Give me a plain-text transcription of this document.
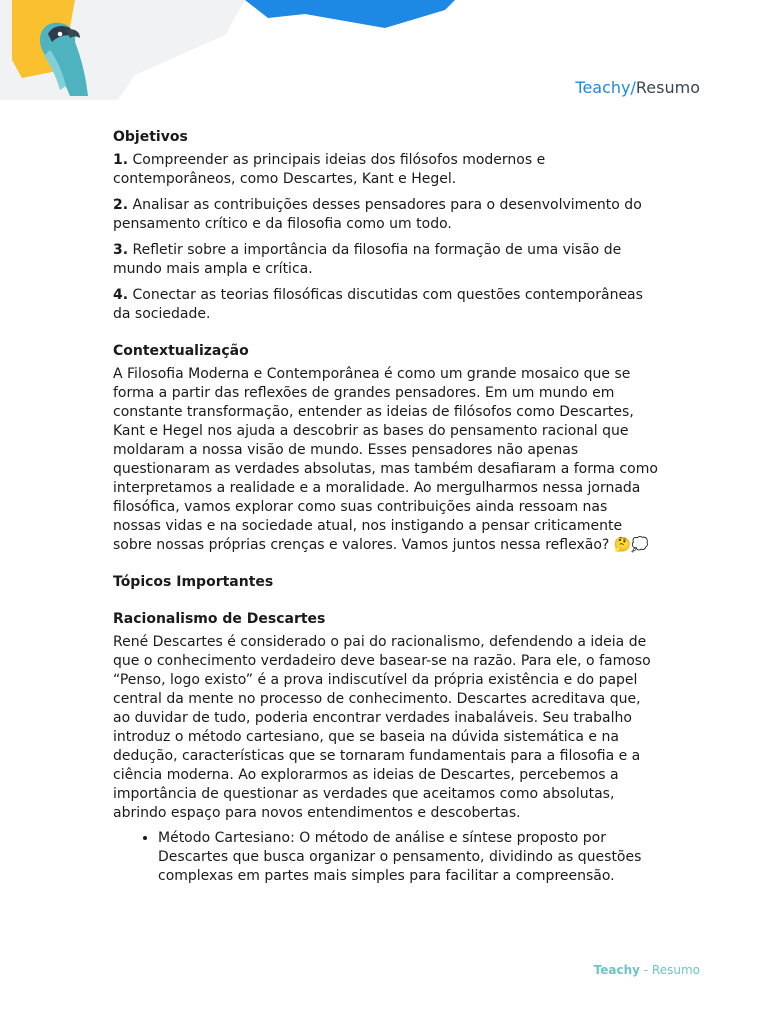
Teachy/Resumo
Objetivos

1. Compreender as principais ideias dos filósofos modernos e contemporâneos, como Descartes, Kant e Hegel.

2. Analisar as contribuições desses pensadores para o desenvolvimento do pensamento crítico e da filosofia como um todo.

3. Refletir sobre a importância da filosofia na formação de uma visão de mundo mais ampla e crítica.

4. Conectar as teorias filosóficas discutidas com questões contemporâneas da sociedade.

Contextualização

A Filosofia Moderna e Contemporânea é como um grande mosaico que se forma a partir das reflexões de grandes pensadores. Em um mundo em constante transformação, entender as ideias de filósofos como Descartes, Kant e Hegel nos ajuda a descobrir as bases do pensamento racional que moldaram a nossa visão de mundo. Esses pensadores não apenas questionaram as verdades absolutas, mas também desafiaram a forma como interpretamos a realidade e a moralidade. Ao mergulharmos nessa jornada filosófica, vamos explorar como suas contribuições ainda ressoam nas nossas vidas e na sociedade atual, nos instigando a pensar criticamente sobre nossas próprias crenças e valores. Vamos juntos nessa reflexão? 🤔💭

Tópicos Importantes
Racionalismo de Descartes

René Descartes é considerado o pai do racionalismo, defendendo a ideia de que o conhecimento verdadeiro deve basear-se na razão. Para ele, o famoso “Penso, logo existo” é a prova indiscutível da própria existência e do papel central da mente no processo de conhecimento. Descartes acreditava que, ao duvidar de tudo, poderia encontrar verdades inabaláveis. Seu trabalho introduz o método cartesiano, que se baseia na dúvida sistemática e na dedução, características que se tornaram fundamentais para a filosofia e a ciência moderna. Ao explorarmos as ideias de Descartes, percebemos a importância de questionar as verdades que aceitamos como absolutas, abrindo espaço para novos entendimentos e descobertas.

• Método Cartesiano: O método de análise e síntese proposto por Descartes que busca organizar o pensamento, dividindo as questões complexas em partes mais simples para facilitar a compreensão.
Teachy - Resumo
